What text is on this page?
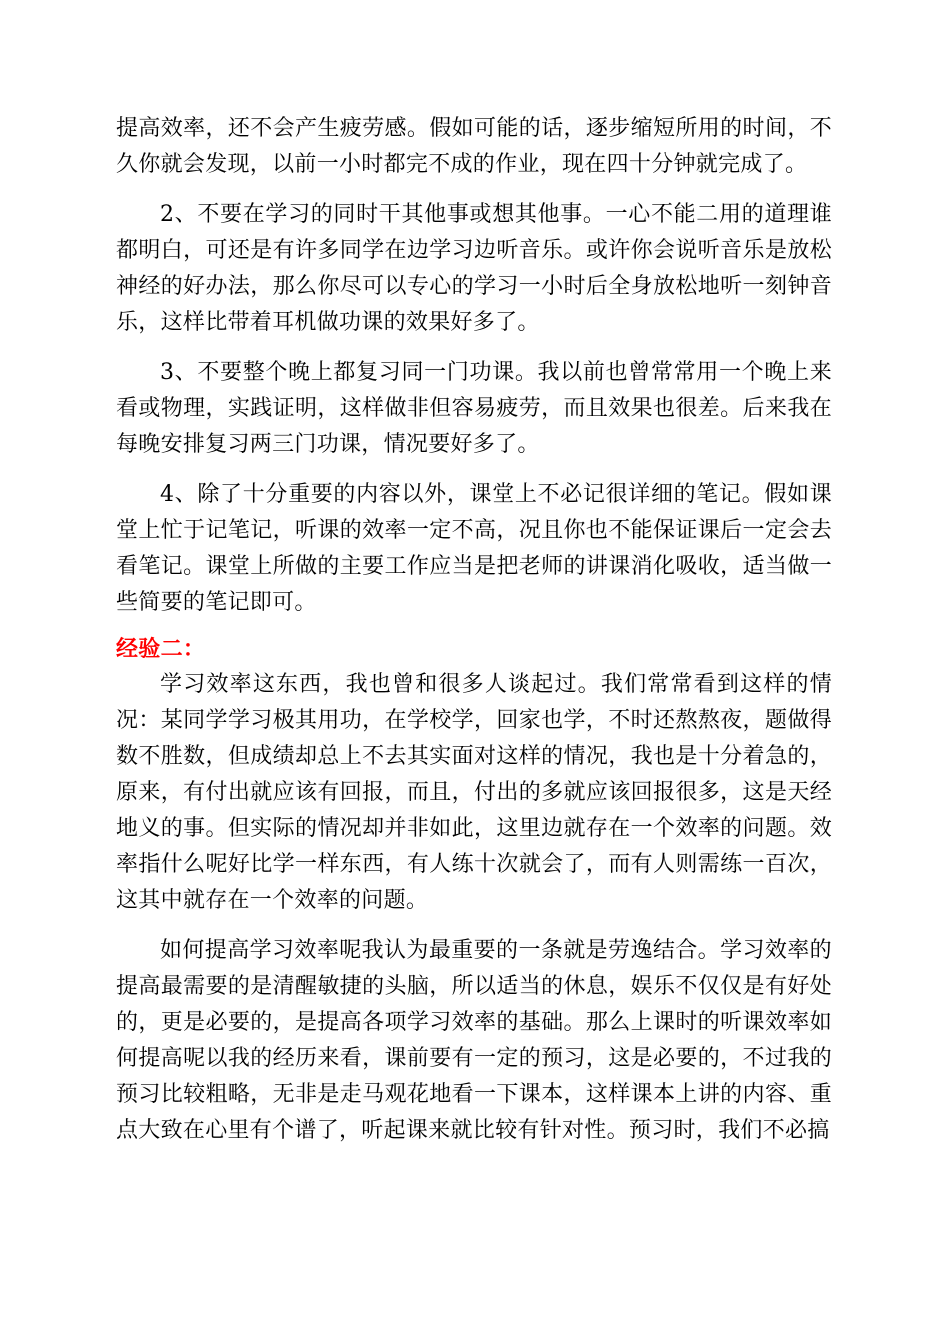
提高效率，还不会产生疲劳感。假如可能的话，逐步缩短所用的时间，不久你就会发现，以前一小时都完不成的作业，现在四十分钟就完成了。

2、不要在学习的同时干其他事或想其他事。一心不能二用的道理谁都明白，可还是有许多同学在边学习边听音乐。或许你会说听音乐是放松神经的好办法，那么你尽可以专心的学习一小时后全身放松地听一刻钟音乐，这样比带着耳机做功课的效果好多了。

3、不要整个晚上都复习同一门功课。我以前也曾常常用一个晚上来看或物理，实践证明，这样做非但容易疲劳，而且效果也很差。后来我在每晚安排复习两三门功课，情况要好多了。

4、除了十分重要的内容以外，课堂上不必记很详细的笔记。假如课堂上忙于记笔记，听课的效率一定不高，况且你也不能保证课后一定会去看笔记。课堂上所做的主要工作应当是把老师的讲课消化吸收，适当做一些简要的笔记即可。

经验二：

学习效率这东西，我也曾和很多人谈起过。我们常常看到这样的情况：某同学学习极其用功，在学校学，回家也学，不时还熬熬夜，题做得数不胜数，但成绩却总上不去其实面对这样的情况，我也是十分着急的，原来，有付出就应该有回报，而且，付出的多就应该回报很多，这是天经地义的事。但实际的情况却并非如此，这里边就存在一个效率的问题。效率指什么呢好比学一样东西，有人练十次就会了，而有人则需练一百次，这其中就存在一个效率的问题。

如何提高学习效率呢我认为最重要的一条就是劳逸结合。学习效率的提高最需要的是清醒敏捷的头脑，所以适当的休息，娱乐不仅仅是有好处的，更是必要的，是提高各项学习效率的基础。那么上课时的听课效率如何提高呢以我的经历来看，课前要有一定的预习，这是必要的，不过我的预习比较粗略，无非是走马观花地看一下课本，这样课本上讲的内容、重点大致在心里有个谱了，听起课来就比较有针对性。预习时，我们不必搞
